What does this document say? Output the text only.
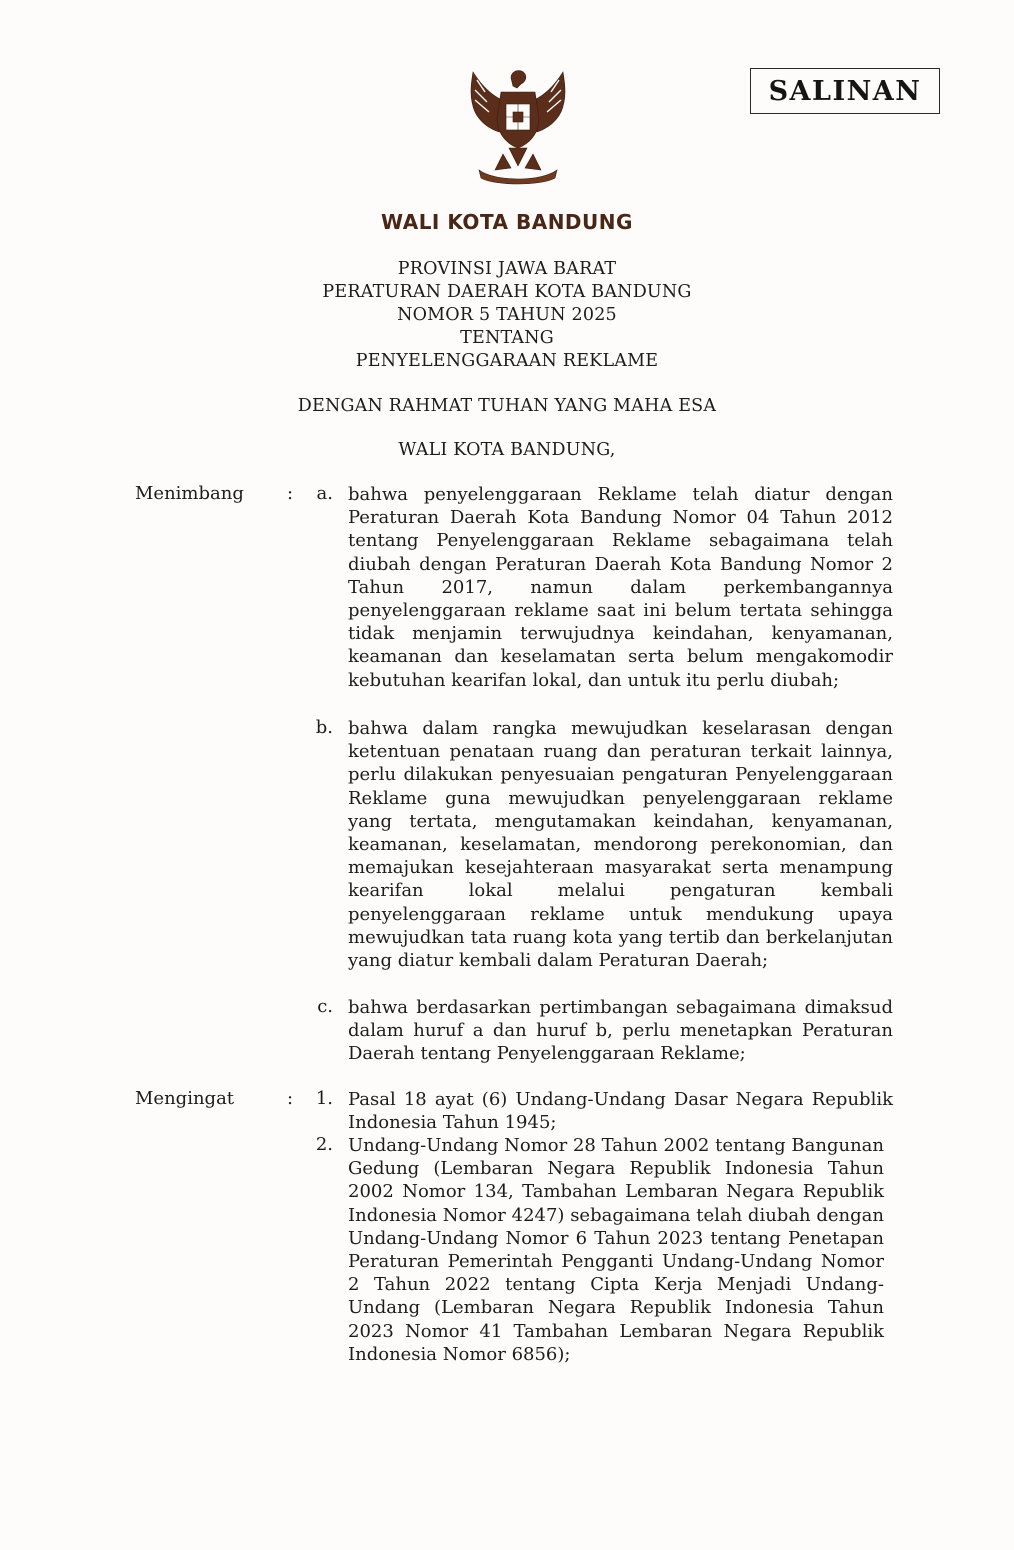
SALINAN
WALI KOTA BANDUNG
PROVINSI JAWA BARAT
PERATURAN DAERAH KOTA BANDUNG
NOMOR 5 TAHUN 2025
TENTANG
PENYELENGGARAAN REKLAME
DENGAN RAHMAT TUHAN YANG MAHA ESA
WALI KOTA BANDUNG,
Menimbang :	a. bahwa penyelenggaraan Reklame telah diatur dengan Peraturan Daerah Kota Bandung Nomor 04 Tahun 2012 tentang Penyelenggaraan Reklame sebagaimana telah diubah dengan Peraturan Daerah Kota Bandung Nomor 2 Tahun 2017, namun dalam perkembangannya penyelenggaraan reklame saat ini belum tertata sehingga tidak menjamin terwujudnya keindahan, kenyamanan, keamanan dan keselamatan serta belum mengakomodir kebutuhan kearifan lokal, dan untuk itu perlu diubah;
b. bahwa dalam rangka mewujudkan keselarasan dengan ketentuan penataan ruang dan peraturan terkait lainnya, perlu dilakukan penyesuaian pengaturan Penyelenggaraan Reklame guna mewujudkan penyelenggaraan reklame yang tertata, mengutamakan keindahan, kenyamanan, keamanan, keselamatan, mendorong perekonomian, dan memajukan kesejahteraan masyarakat serta menampung kearifan lokal melalui pengaturan kembali penyelenggaraan reklame untuk mendukung upaya mewujudkan tata ruang kota yang tertib dan berkelanjutan yang diatur kembali dalam Peraturan Daerah;
c. bahwa berdasarkan pertimbangan sebagaimana dimaksud dalam huruf a dan huruf b, perlu menetapkan Peraturan Daerah tentang Penyelenggaraan Reklame;
Mengingat	:	1. Pasal 18 ayat (6) Undang-Undang Dasar Negara Republik Indonesia Tahun 1945;
2. Undang-Undang Nomor 28 Tahun 2002 tentang Bangunan Gedung (Lembaran Negara Republik Indonesia Tahun 2002 Nomor 134, Tambahan Lembaran Negara Republik Indonesia Nomor 4247) sebagaimana telah diubah dengan Undang-Undang Nomor 6 Tahun 2023 tentang Penetapan Peraturan Pemerintah Pengganti Undang-Undang Nomor 2 Tahun 2022 tentang Cipta Kerja Menjadi Undang-Undang (Lembaran Negara Republik Indonesia Tahun 2023 Nomor 41 Tambahan Lembaran Negara Republik Indonesia Nomor 6856);
